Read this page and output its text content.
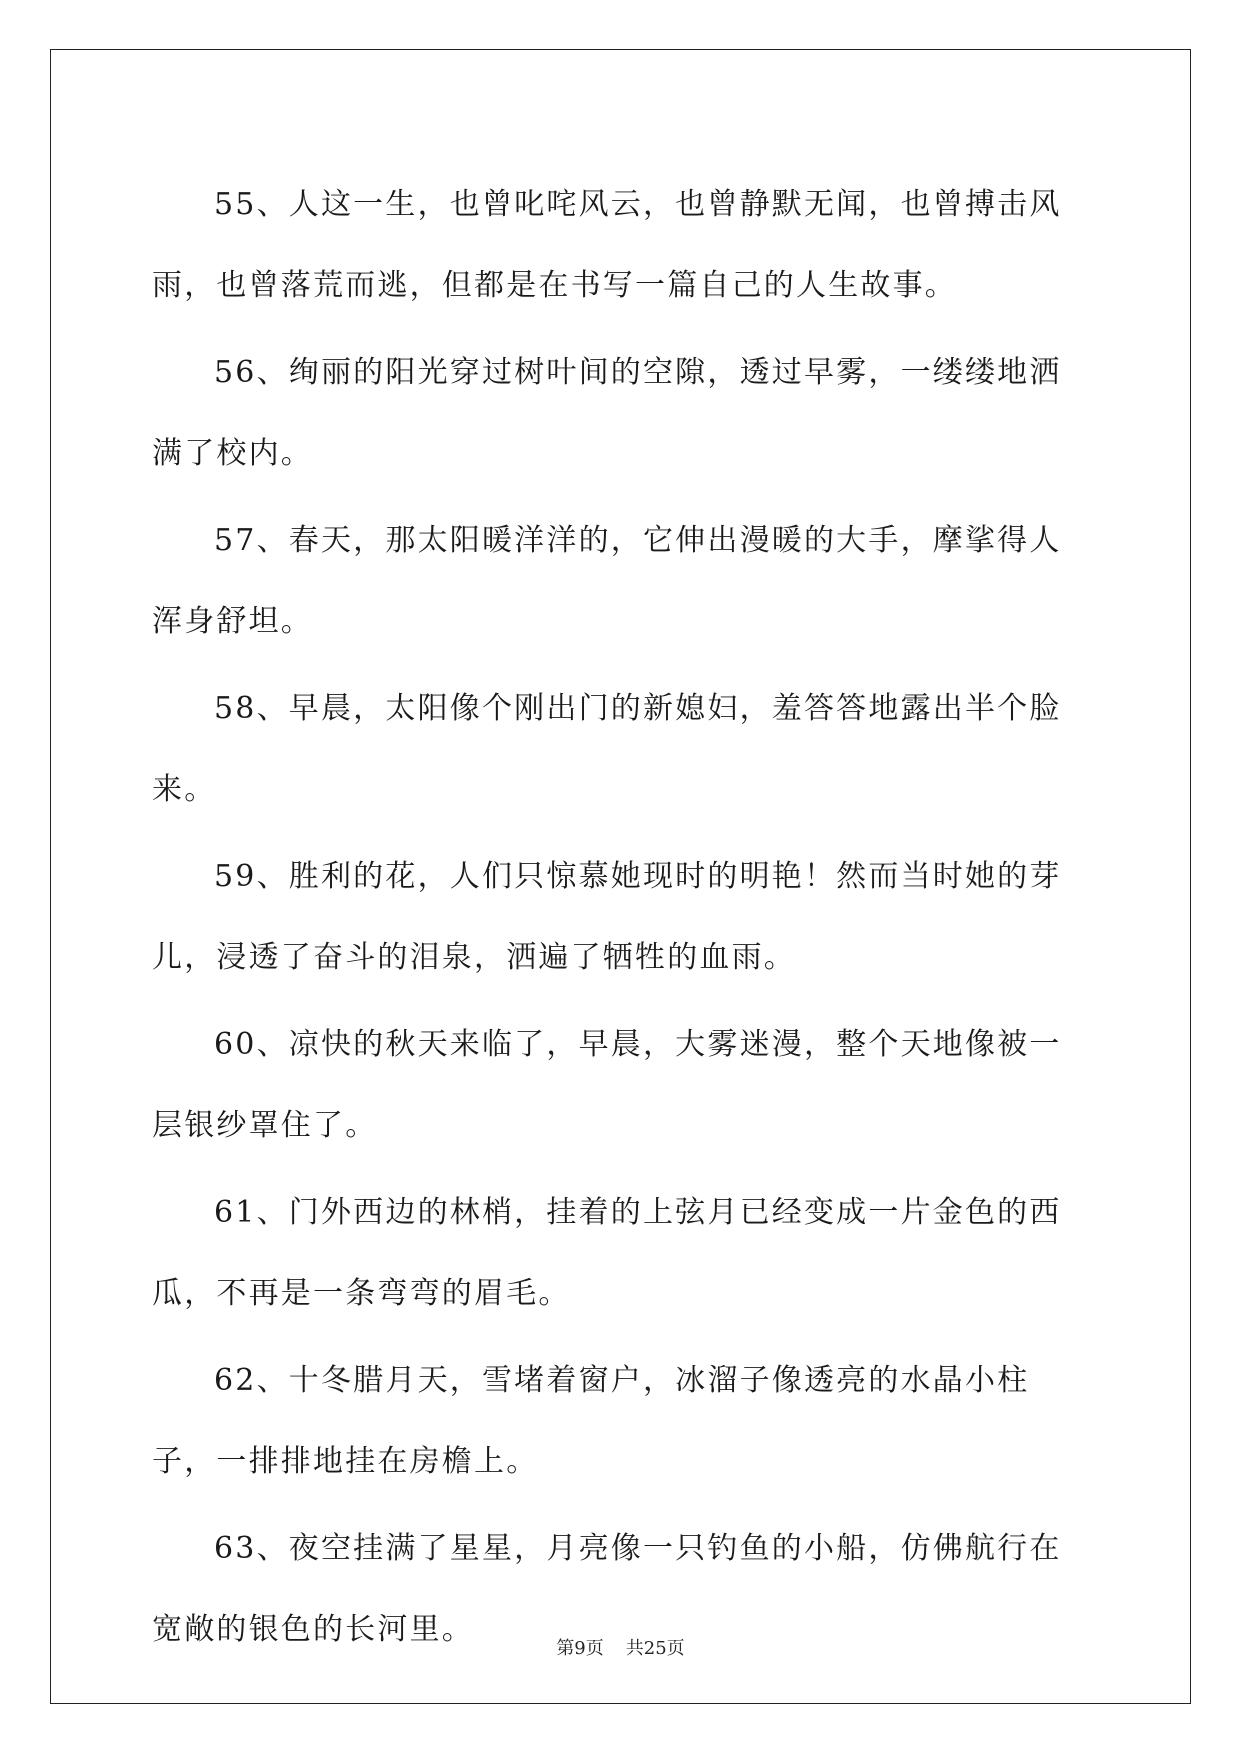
55、人这一生，也曾叱咤风云，也曾静默无闻，也曾搏击风雨，也曾落荒而逃，但都是在书写一篇自己的人生故事。

56、绚丽的阳光穿过树叶间的空隙，透过早雾，一缕缕地洒满了校内。

57、春天，那太阳暖洋洋的，它伸出漫暖的大手，摩挲得人浑身舒坦。

58、早晨，太阳像个刚出门的新媳妇，羞答答地露出半个脸来。

59、胜利的花，人们只惊慕她现时的明艳！然而当时她的芽儿，浸透了奋斗的泪泉，洒遍了牺牲的血雨。

60、凉快的秋天来临了，早晨，大雾迷漫，整个天地像被一层银纱罩住了。

61、门外西边的林梢，挂着的上弦月已经变成一片金色的西瓜，不再是一条弯弯的眉毛。

62、十冬腊月天，雪堵着窗户，冰溜子像透亮的水晶小柱子，一排排地挂在房檐上。

63、夜空挂满了星星，月亮像一只钓鱼的小船，仿佛航行在宽敞的银色的长河里。

第9页 共25页
